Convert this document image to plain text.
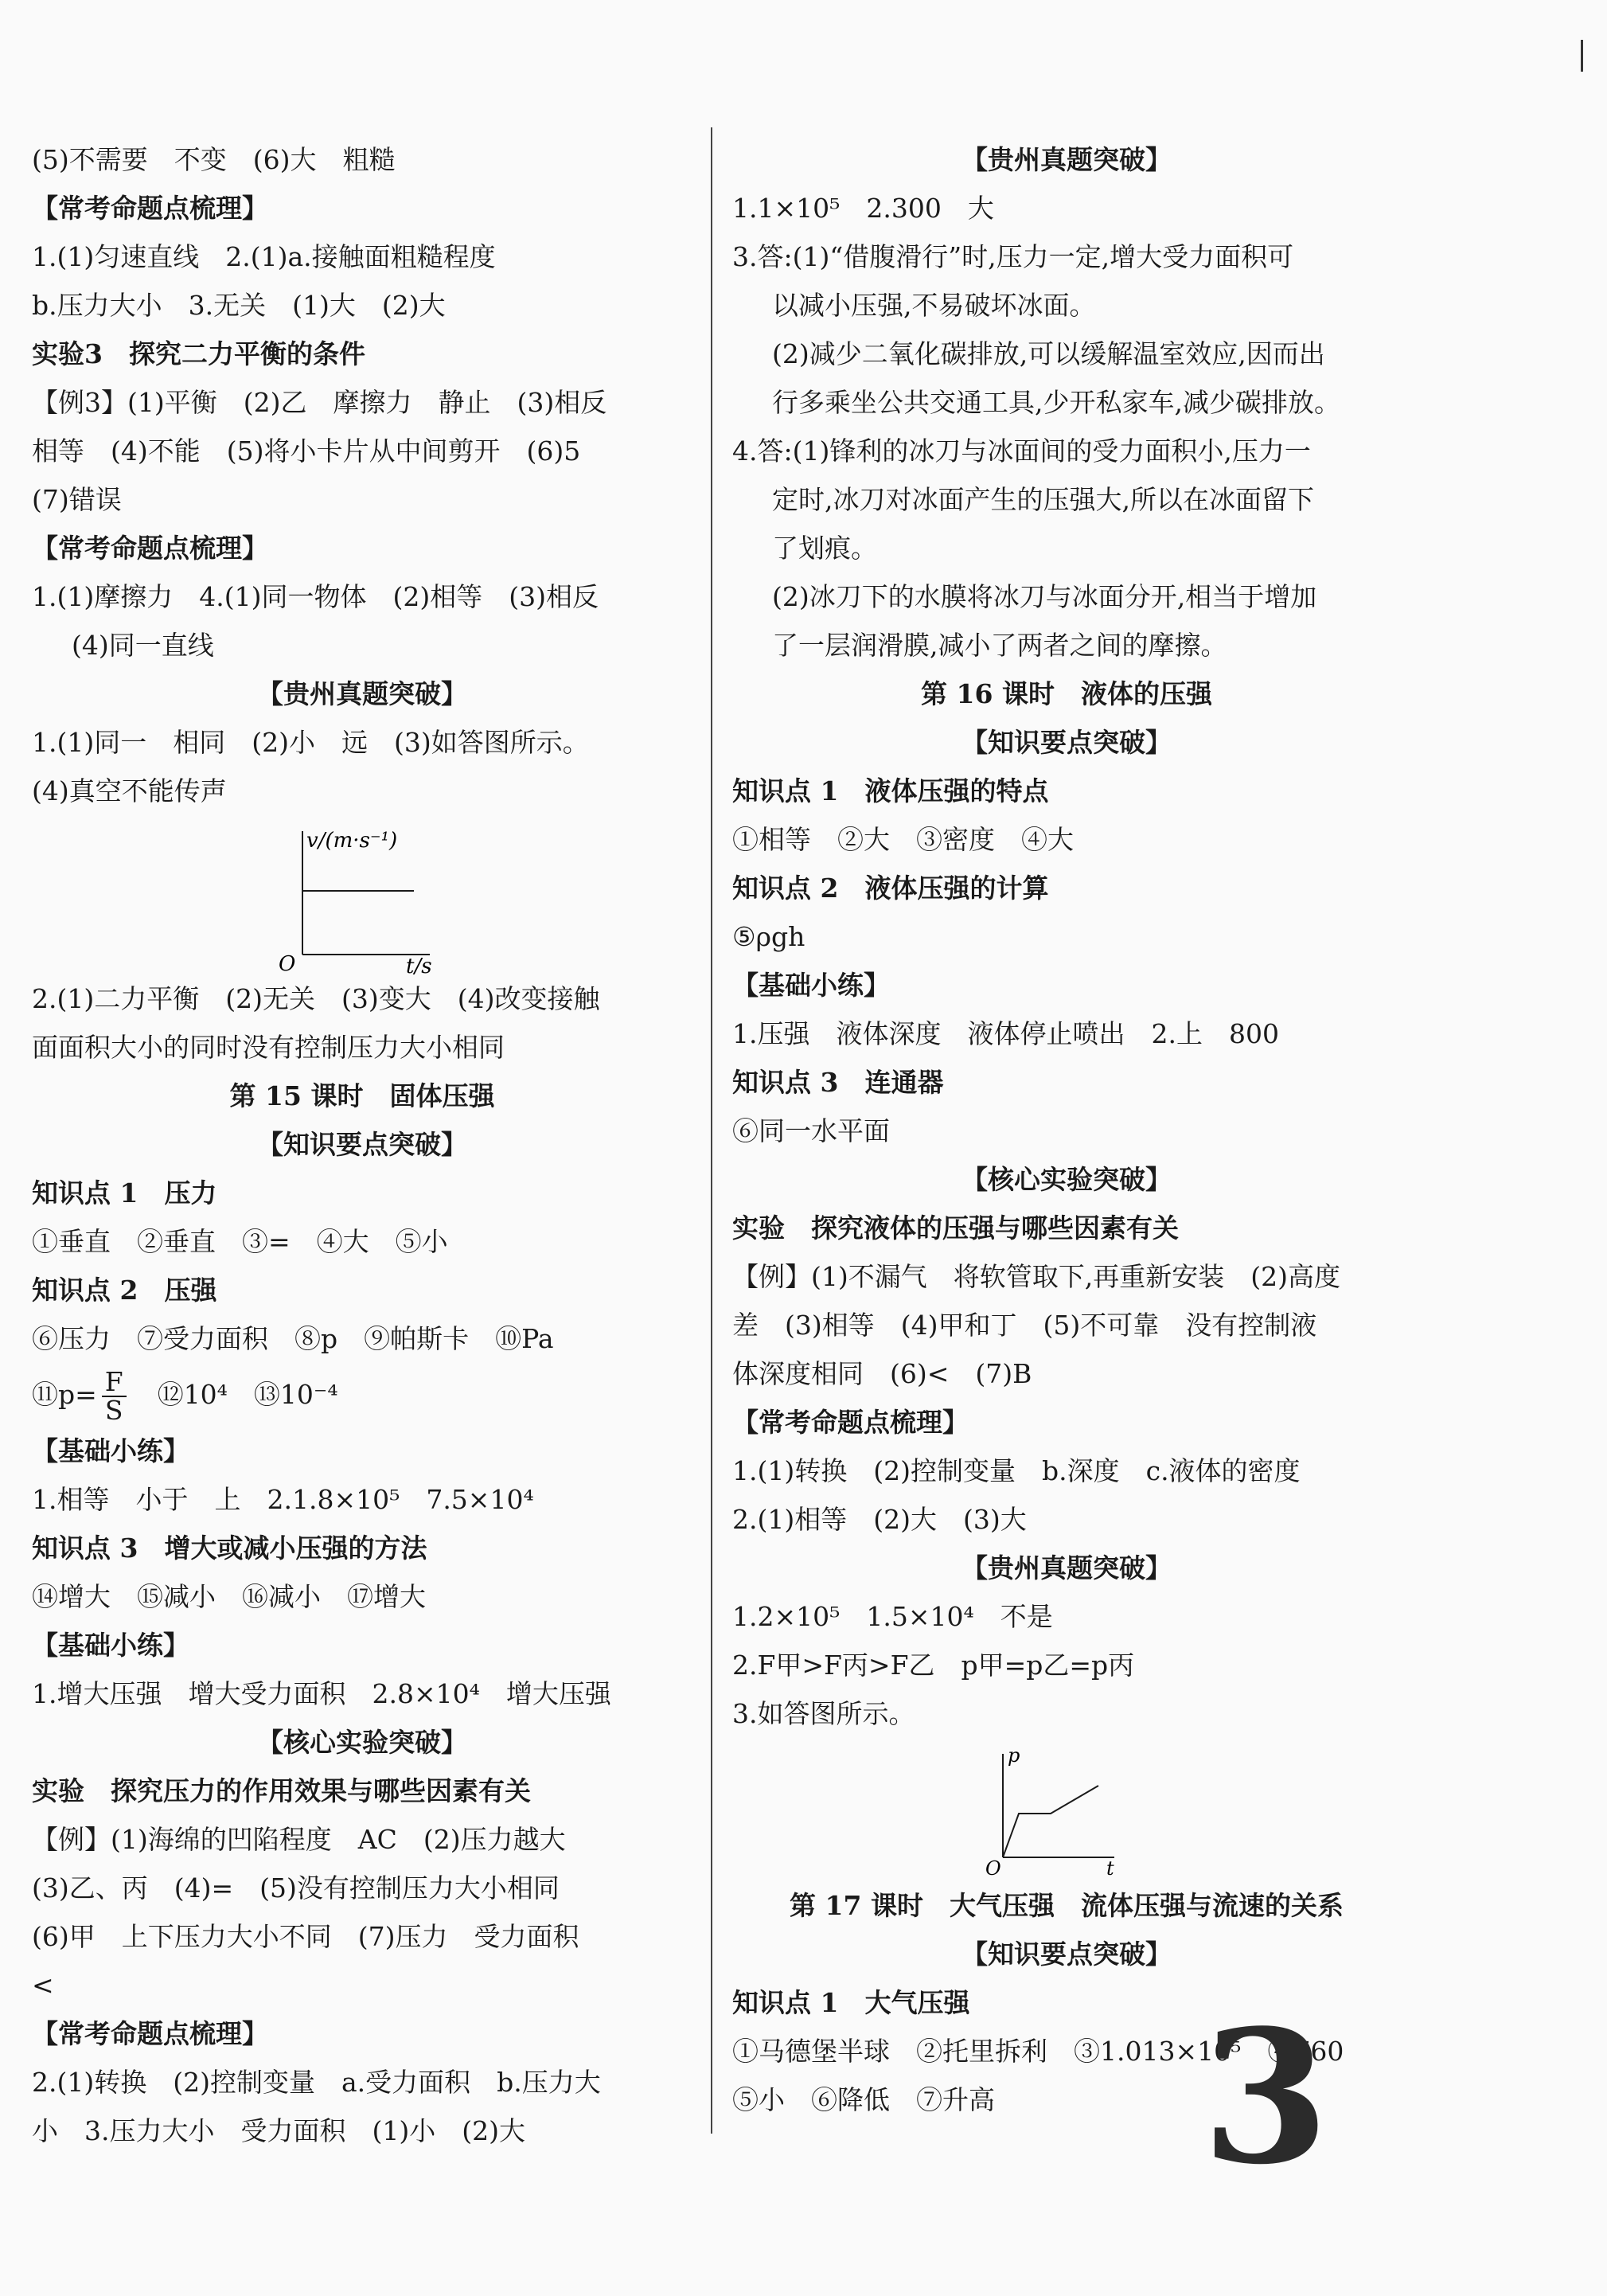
(5)不需要　不变　(6)大　粗糙
【常考命题点梳理】
1.(1)匀速直线　2.(1)a.接触面粗糙程度
b.压力大小　3.无关　(1)大　(2)大
实验3　探究二力平衡的条件
【例3】(1)平衡　(2)乙　摩擦力　静止　(3)相反
相等　(4)不能　(5)将小卡片从中间剪开　(6)5
(7)错误
【常考命题点梳理】
1.(1)摩擦力　4.(1)同一物体　(2)相等　(3)相反
(4)同一直线
【贵州真题突破】
1.(1)同一　相同　(2)小　远　(3)如答图所示。
(4)真空不能传声
v/(m·s⁻¹)
O	t/s
2.(1)二力平衡　(2)无关　(3)变大　(4)改变接触
面面积大小的同时没有控制压力大小相同
第 15 课时　固体压强
【知识要点突破】
知识点 1　压力
①垂直　②垂直　③=　④大　⑤小
知识点 2　压强
⑥压力　⑦受力面积　⑧p　⑨帕斯卡　⑩Pa
⑪p= $\frac{F}{S}$ 　⑫10⁴　⑬10⁻⁴
【基础小练】
1.相等　小于　上　2.1.8×10⁵　7.5×10⁴
知识点 3　增大或减小压强的方法
⑭增大　⑮减小　⑯减小　⑰增大
【基础小练】
1.增大压强　增大受力面积　2.8×10⁴　增大压强
【核心实验突破】
实验　探究压力的作用效果与哪些因素有关
【例】(1)海绵的凹陷程度　AC　(2)压力越大
(3)乙、丙　(4)=　(5)没有控制压力大小相同
(6)甲　上下压力大小不同　(7)压力　受力面积
<
【常考命题点梳理】
2.(1)转换　(2)控制变量　a.受力面积　b.压力大
小　3.压力大小　受力面积　(1)小　(2)大
【贵州真题突破】
1.1×10⁵　2.300　大
3.答:(1)“借腹滑行”时,压力一定,增大受力面积可
以减小压强,不易破坏冰面。
(2)减少二氧化碳排放,可以缓解温室效应,因而出
行多乘坐公共交通工具,少开私家车,减少碳排放。
4.答:(1)锋利的冰刀与冰面间的受力面积小,压力一
定时,冰刀对冰面产生的压强大,所以在冰面留下
了划痕。
(2)冰刀下的水膜将冰刀与冰面分开,相当于增加
了一层润滑膜,减小了两者之间的摩擦。
第 16 课时　液体的压强
【知识要点突破】
知识点 1　液体压强的特点
①相等　②大　③密度　④大
知识点 2　液体压强的计算
⑤ρgh
【基础小练】
1.压强　液体深度　液体停止喷出　2.上　800
知识点 3　连通器
⑥同一水平面
【核心实验突破】
实验　探究液体的压强与哪些因素有关
【例】(1)不漏气　将软管取下,再重新安装　(2)高度
差　(3)相等　(4)甲和丁　(5)不可靠　没有控制液
体深度相同　(6)<　(7)B
【常考命题点梳理】
1.(1)转换　(2)控制变量　b.深度　c.液体的密度
2.(1)相等　(2)大　(3)大
【贵州真题突破】
1.2×10⁵　1.5×10⁴　不是
2.F甲>F丙>F乙　p甲=p乙=p丙
3.如答图所示。
p
O	t
第 17 课时　大气压强　流体压强与流速的关系
【知识要点突破】
知识点 1　大气压强
①马德堡半球　②托里拆利　③1.013×10⁵　④760
⑤小　⑥降低　⑦升高	3
